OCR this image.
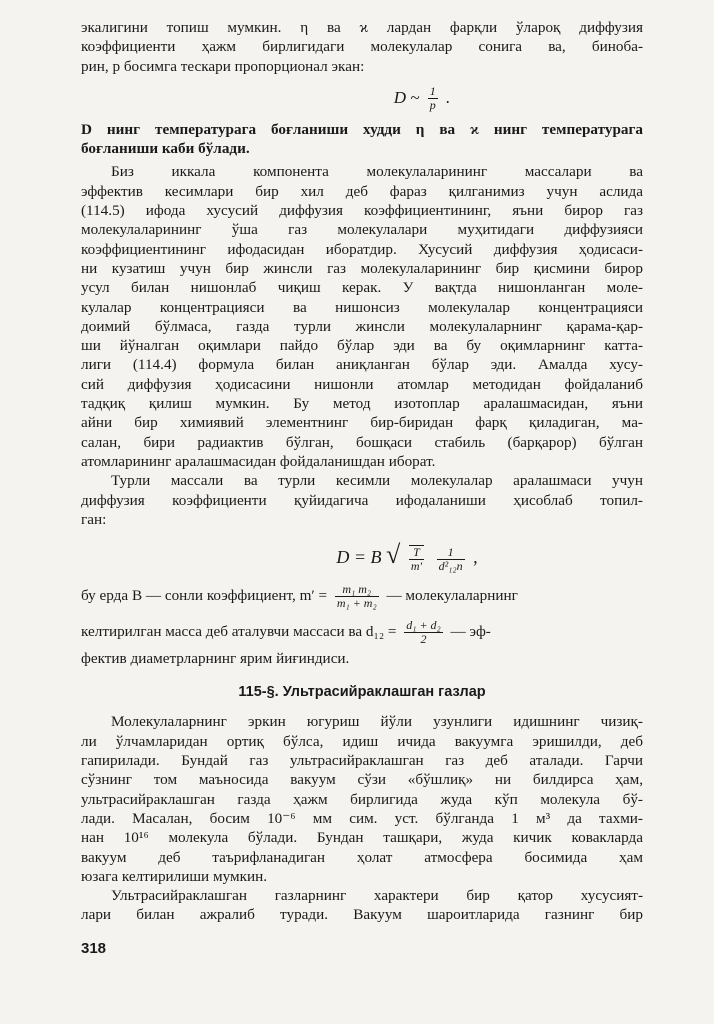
экалигини топиш мумкин. η ва ϰ лардан фарқли ўлароқ диффузия
коэффициенти ҳажм бирлигидаги молекулалар сонига ва, бинобa-
рин, p босимга тескари пропорционал экан:
D ~ $\frac{1}{p}$ .
D нинг температурага боғланиши худди η ва ϰ нинг температурага
боғланиши каби бўлади.
Биз иккала компонента молекулаларининг массалари ва
эффектив кесимлари бир хил деб фараз қилганимиз учун аслида
(114.5) ифода хусусий диффузия коэффициентининг, яъни бирор газ
молекулаларининг ўша газ молекулалари муҳитидаги диффузияси
коэффициентининг ифодасидан иборатдир. Хусусий диффузия ҳодисаси-
ни кузатиш учун бир жинсли газ молекулаларининг бир қисмини бирор
усул билан нишонлаб чиқиш керак. У вақтда нишонланган моле-
кулалар концентрацияси ва нишонсиз молекулалар концентрацияси
доимий бўлмаса, газда турли жинсли молекулаларнинг қарама-қар-
ши йўналган оқимлари пайдо бўлар эди ва бу оқимларнинг катта-
лиги (114.4) формула билан аниқланган бўлар эди. Амалда хусу-
сий диффузия ҳодисасини нишонли атомлар методидан фойдаланиб
тадқиқ қилиш мумкин. Бу метод изотоплар аралашмасидан, яъни
айни бир химиявий элементнинг бир-биридан фарқ қиладиган, ма-
салан, бири радиактив бўлган, бошқаси стабиль (барқарор) бўлган
атомларининг аралашмасидан фойдаланишдан иборат.
Турли массали ва турли кесимли молекулалар аралашмаси учун
диффузия коэффициенти қуйидагича ифодаланиши ҳисоблаб топил-
ган:
D = B √ $\frac{T}{m'}$
$\frac{1}{\text{d²₁₂n}}$ ,
бу ерда B — сонли коэффициент, $m' = \frac{\text{m₁ m₂}}{\text{m₁ + m₂}}$ — молекулаларнинг
келтирилган масса деб аталувчи массаси ва $d_{12} = \frac{\text{d₁ + d₂}}{2}$ — эф-
фектив диаметрларнинг ярим йиғиндиси.
115-§. Ультрасийраклашган газлар
Молекулаларнинг эркин югуриш йўли узунлиги идишнинг чизиқ-
ли ўлчамларидан ортиқ бўлса, идиш ичида вакуумга эришилди, деб
гапирилади. Бундай газ ультрасийраклашган газ деб аталади. Гарчи
сўзнинг том маъносида вакуум сўзи «бўшлиқ» ни билдирса ҳам,
ультрасийраклашган газда ҳажм бирлигида жуда кўп молекула бў-
лади. Масалан, босим 10⁻⁶ мм сим. уст. бўлганда 1 м³ да тахми-
нан 10¹⁶ молекула бўлади. Бундан ташқари, жуда кичик ковакларда
вакуум деб таърифланадиган ҳолат атмосфера босимида ҳам
юзага келтирилиши мумкин.
Ультрасийраклашган газларнинг характери бир қатор хусусият-
лари билан ажралиб туради. Вакуум шароитларида газнинг бир
318
